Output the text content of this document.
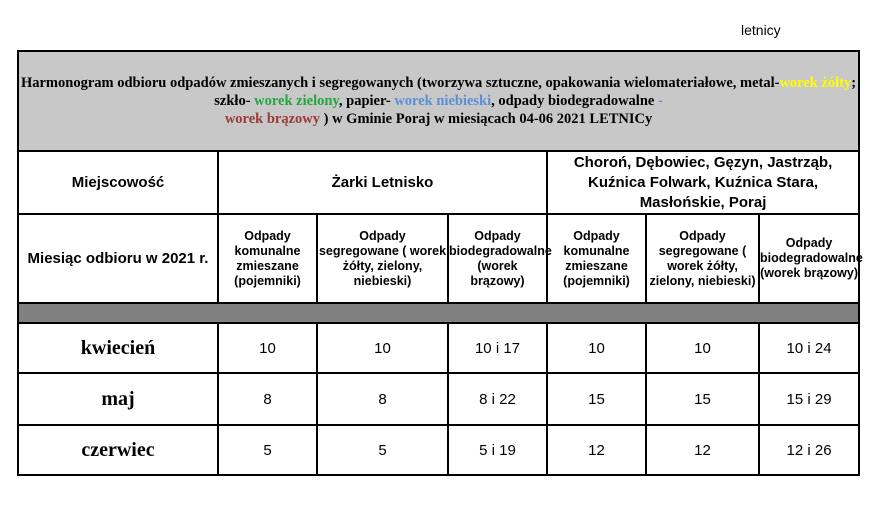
letnicy
Harmonogram odbioru odpadów zmieszanych i segregowanych (tworzywa sztuczne, opakowania wielomateriałowe, metal-worek żółty; szkło- worek zielony, papier- worek niebieski, odpady biodegradowalne -
worek brązowy ) w Gminie Poraj w miesiącach 04-06 2021 LETNICy						
Miejscowość	Żarki Letnisko			Choroń, Dębowiec, Gęzyn, Jastrząb, Kuźnica Folwark, Kuźnica Stara, Masłońskie, Poraj		
Miesiąc odbioru w 2021 r.	Odpady komunalne zmieszane (pojemniki)	Odpady segregowane ( worek żółty, zielony, niebieski)	Odpady biodegradowalne (worek brązowy)	Odpady komunalne zmieszane (pojemniki)	Odpady segregowane ( worek żółty, zielony, niebieski)	Odpady biodegradowalne (worek brązowy)

kwiecień	10	10	10 i 17	10	10	10 i 24
maj	8	8	8 i 22	15	15	15 i 29
czerwiec	5	5	5 i 19	12	12	12 i 26
